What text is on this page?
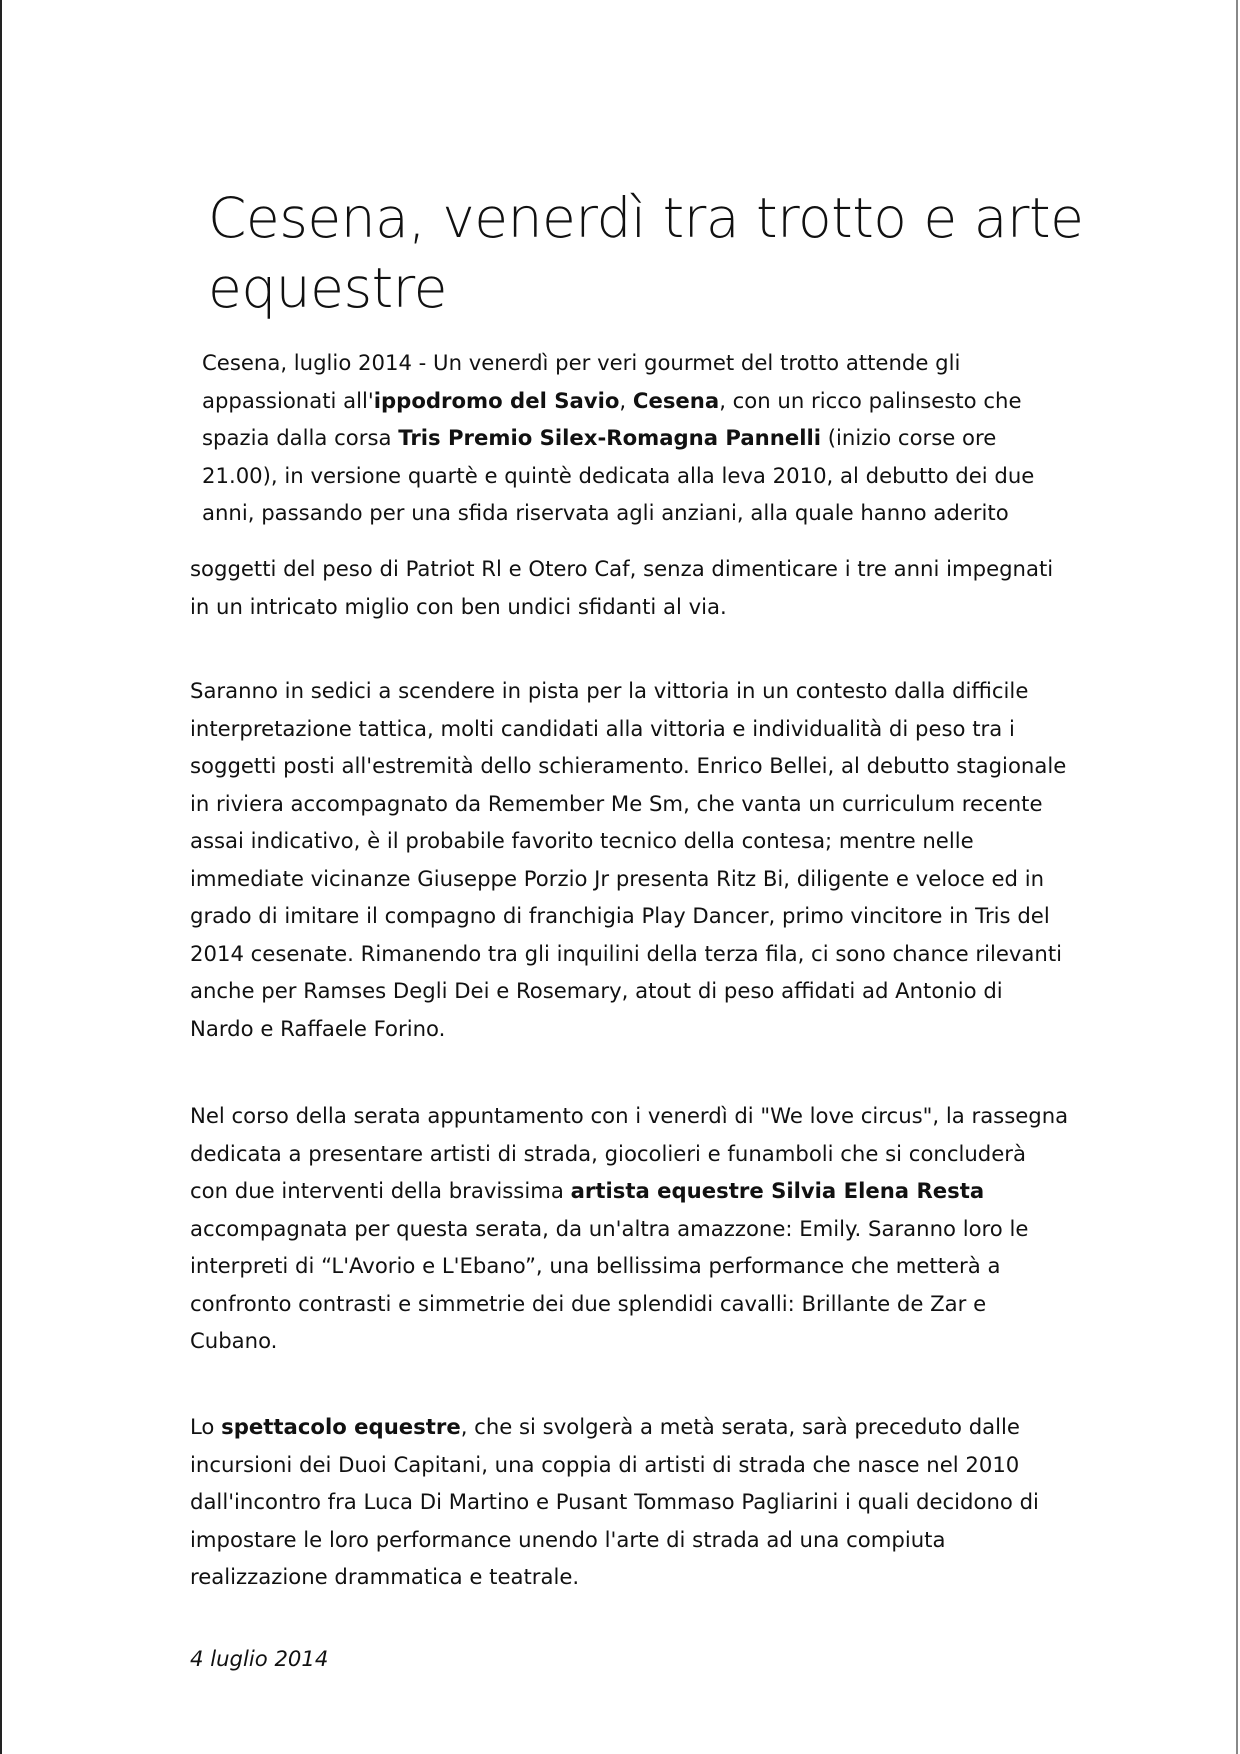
Cesena, venerdì tra trotto e arte equestre

Cesena, luglio 2014 - Un venerdì per veri gourmet del trotto attende gli appassionati all'ippodromo del Savio, Cesena, con un ricco palinsesto che spazia dalla corsa Tris Premio Silex-Romagna Pannelli (inizio corse ore 21.00), in versione quartè e quintè dedicata alla leva 2010, al debutto dei due anni, passando per una sfida riservata agli anziani, alla quale hanno aderito

soggetti del peso di Patriot Rl e Otero Caf, senza dimenticare i tre anni impegnati in un intricato miglio con ben undici sfidanti al via.

Saranno in sedici a scendere in pista per la vittoria in un contesto dalla difficile interpretazione tattica, molti candidati alla vittoria e individualità di peso tra i soggetti posti all'estremità dello schieramento. Enrico Bellei, al debutto stagionale in riviera accompagnato da Remember Me Sm, che vanta un curriculum recente assai indicativo, è il probabile favorito tecnico della contesa; mentre nelle immediate vicinanze Giuseppe Porzio Jr presenta Ritz Bi, diligente e veloce ed in grado di imitare il compagno di franchigia Play Dancer, primo vincitore in Tris del 2014 cesenate. Rimanendo tra gli inquilini della terza fila, ci sono chance rilevanti anche per Ramses Degli Dei e Rosemary, atout di peso affidati ad Antonio di Nardo e Raffaele Forino.

Nel corso della serata appuntamento con i venerdì di "We love circus", la rassegna dedicata a presentare artisti di strada, giocolieri e funamboli che si concluderà con due interventi della bravissima artista equestre Silvia Elena Resta accompagnata per questa serata, da un'altra amazzone: Emily. Saranno loro le interpreti di “L'Avorio e L'Ebano”, una bellissima performance che metterà a confronto contrasti e simmetrie dei due splendidi cavalli: Brillante de Zar e Cubano.

Lo spettacolo equestre, che si svolgerà a metà serata, sarà preceduto dalle incursioni dei Duoi Capitani, una coppia di artisti di strada che nasce nel 2010 dall'incontro fra Luca Di Martino e Pusant Tommaso Pagliarini i quali decidono di impostare le loro performance unendo l'arte di strada ad una compiuta realizzazione drammatica e teatrale.

4 luglio 2014
